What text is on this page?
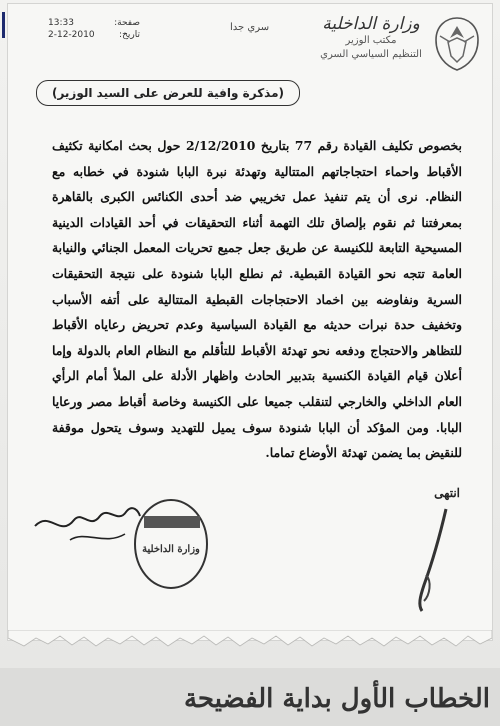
وزارة الداخلية
مكتب الوزير
التنظيم السياسي السري
سري جدا
صفحة:
13:33
تاريخ:
2-12-2010
(مذكرة وافية للعرض على السيد الوزير)

بخصوص تكليف القيادة رقم 77 بتاريخ 2/12/2010 حول بحث امكانية تكثيف الأقباط واحماء احتجاجاتهم المتتالية وتهدئة نبرة البابا شنودة في خطابه مع النظام. نرى أن يتم تنفيذ عمل تخريبي ضد أحدى الكنائس الكبرى بالقاهرة بمعرفتنا ثم نقوم بإلصاق تلك التهمة أثناء التحقيقات في أحد القيادات الدينية المسيحية التابعة للكنيسة عن طريق جعل جميع تحريات المعمل الجنائي والنيابة العامة تتجه نحو القيادة القبطية. ثم نطلع البابا شنودة على نتيجة التحقيقات السرية ونفاوضه بين اخماد الاحتجاجات القبطية المتتالية على أتفه الأسباب وتخفيف حدة نبرات حديثه مع القيادة السياسية وعدم تحريض رعاياه الأقباط للتظاهر والاحتجاج ودفعه نحو تهدئة الأقباط للتأقلم مع النظام العام بالدولة وإما أعلان قيام القيادة الكنسية بتدبير الحادث واظهار الأدلة على الملأ أمام الرأي العام الداخلي والخارجي لتنقلب جميعا على الكنيسة وخاصة أقباط مصر ورعايا البابا. ومن المؤكد أن البابا شنودة سوف يميل للتهديد وسوف يتحول موقفة للنقيض بما يضمن تهدئة الأوضاع تماما.

انتهى
وزارة الداخلية
الخطاب الأول بداية الفضيحة
